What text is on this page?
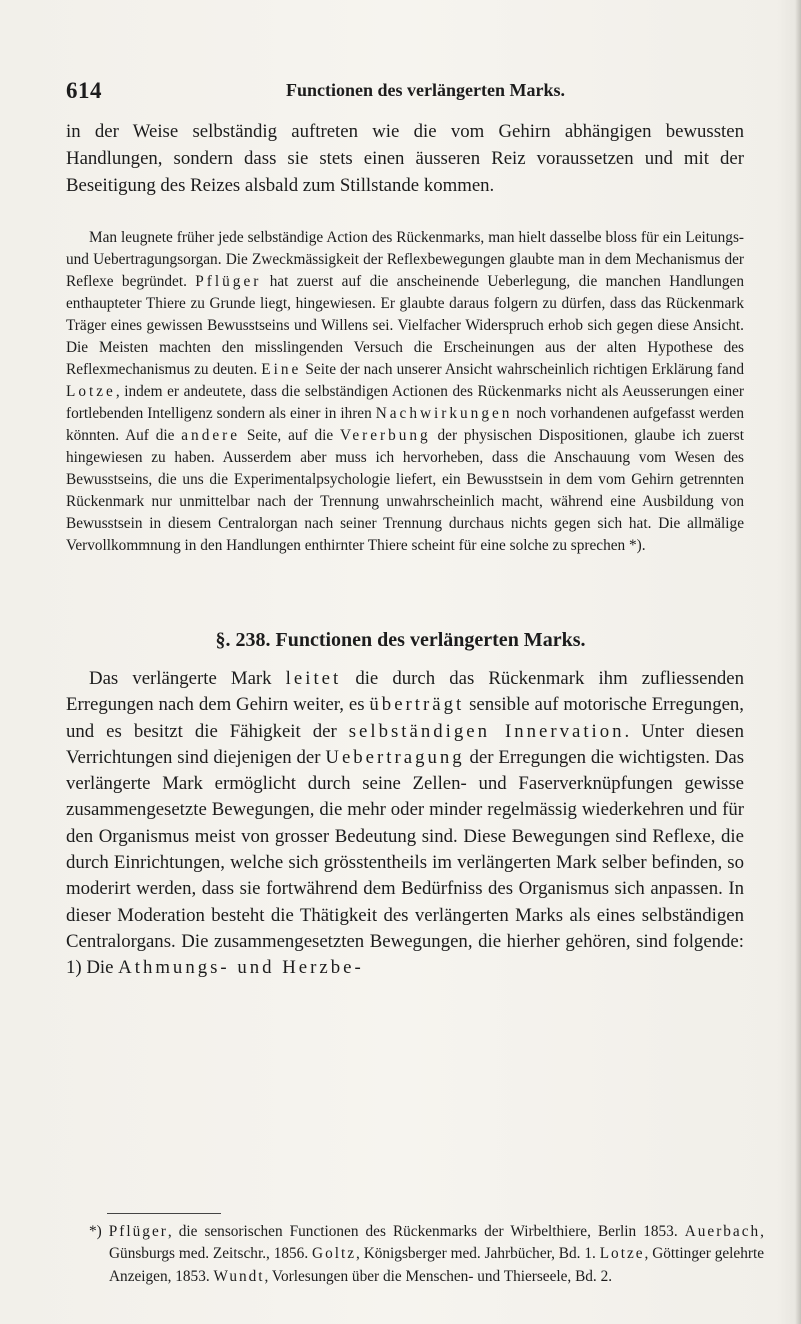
614	Functionen des verlängerten Marks.

in der Weise selbständig auftreten wie die vom Gehirn abhängigen bewussten Handlungen, sondern dass sie stets einen äusseren Reiz voraussetzen und mit der Beseitigung des Reizes alsbald zum Stillstande kommen.

Man leugnete früher jede selbständige Action des Rückenmarks, man hielt dasselbe bloss für ein Leitungs- und Uebertragungsorgan. Die Zweckmässigkeit der Reflexbewegungen glaubte man in dem Mechanismus der Reflexe begründet. Pflüger hat zuerst auf die anscheinende Ueberlegung, die manchen Handlungen enthaupteter Thiere zu Grunde liegt, hingewiesen. Er glaubte daraus folgern zu dürfen, dass das Rückenmark Träger eines gewissen Bewusstseins und Willens sei. Vielfacher Widerspruch erhob sich gegen diese Ansicht. Die Meisten machten den misslingenden Versuch die Erscheinungen aus der alten Hypothese des Reflexmechanismus zu deuten. Eine Seite der nach unserer Ansicht wahrscheinlich richtigen Erklärung fand Lotze, indem er andeutete, dass die selbständigen Actionen des Rückenmarks nicht als Aeusserungen einer fortlebenden Intelligenz sondern als einer in ihren Nachwirkungen noch vorhandenen aufgefasst werden könnten. Auf die andere Seite, auf die Vererbung der physischen Dispositionen, glaube ich zuerst hingewiesen zu haben. Ausserdem aber muss ich hervorheben, dass die Anschauung vom Wesen des Bewusstseins, die uns die Experimentalpsychologie liefert, ein Bewusstsein in dem vom Gehirn getrennten Rückenmark nur unmittelbar nach der Trennung unwahrscheinlich macht, während eine Ausbildung von Bewusstsein in diesem Centralorgan nach seiner Trennung durchaus nichts gegen sich hat. Die allmälige Vervollkommnung in den Handlungen enthirnter Thiere scheint für eine solche zu sprechen *).

§. 238. Functionen des verlängerten Marks.

Das verlängerte Mark leitet die durch das Rückenmark ihm zufliessenden Erregungen nach dem Gehirn weiter, es überträgt sensible auf motorische Erregungen, und es besitzt die Fähigkeit der selbständigen Innervation. Unter diesen Verrichtungen sind diejenigen der Uebertragung der Erregungen die wichtigsten. Das verlängerte Mark ermöglicht durch seine Zellen- und Faserverknüpfungen gewisse zusammengesetzte Bewegungen, die mehr oder minder regelmässig wiederkehren und für den Organismus meist von grosser Bedeutung sind. Diese Bewegungen sind Reflexe, die durch Einrichtungen, welche sich grösstentheils im verlängerten Mark selber befinden, so moderirt werden, dass sie fortwährend dem Bedürfniss des Organismus sich anpassen. In dieser Moderation besteht die Thätigkeit des verlängerten Marks als eines selbständigen Centralorgans. Die zusammengesetzten Bewegungen, die hierher gehören, sind folgende: 1) Die Athmungs- und Herzbe-

*) Pflüger, die sensorischen Functionen des Rückenmarks der Wirbelthiere, Berlin 1853. Auerbach, Günsburgs med. Zeitschr., 1856. Goltz, Königsberger med. Jahrbücher, Bd. 1. Lotze, Göttinger gelehrte Anzeigen, 1853. Wundt, Vorlesungen über die Menschen- und Thierseele, Bd. 2.
